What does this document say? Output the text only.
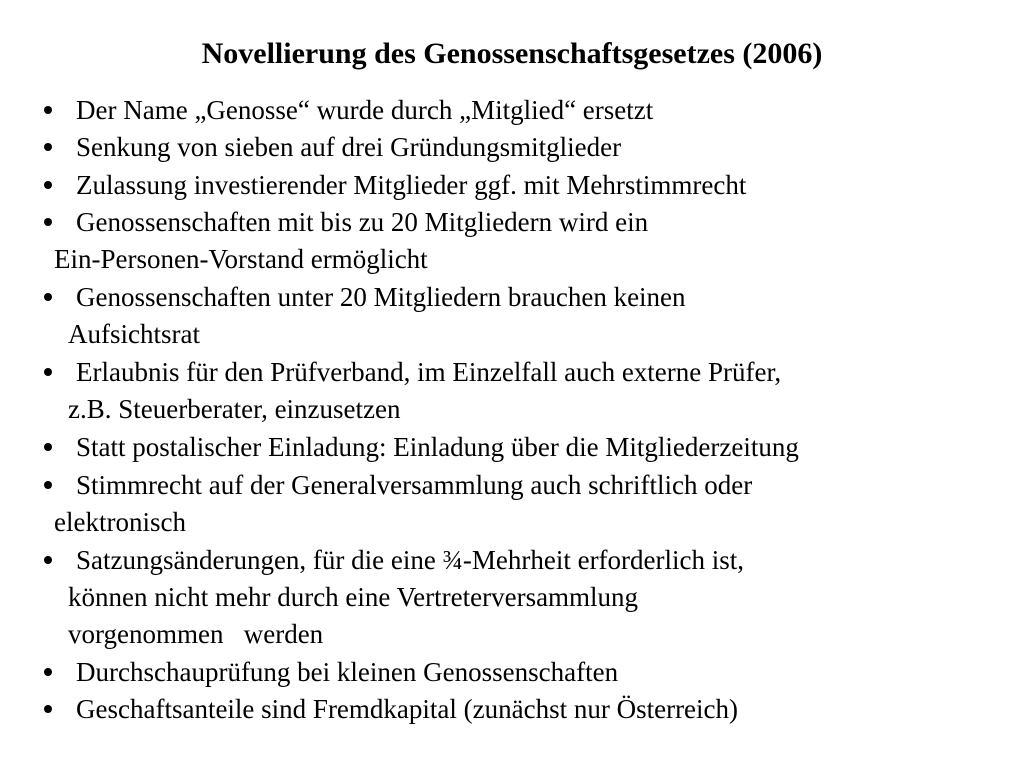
Novellierung des Genossenschaftsgesetzes (2006)
Der Name „Genosse“ wurde durch „Mitglied“ ersetzt
Senkung von sieben auf drei Gründungsmitglieder
Zulassung investierender Mitglieder ggf. mit Mehrstimmrecht
Genossenschaften mit bis zu 20 Mitgliedern wird ein
Ein-Personen-Vorstand ermöglicht
Genossenschaften unter 20 Mitgliedern brauchen keinen
Aufsichtsrat
Erlaubnis für den Prüfverband, im Einzelfall auch externe Prüfer,
z.B. Steuerberater, einzusetzen
Statt postalischer Einladung: Einladung über die Mitgliederzeitung
Stimmrecht auf der Generalversammlung auch schriftlich oder
elektronisch
Satzungsänderungen, für die eine ¾-Mehrheit erforderlich ist,
können nicht mehr durch eine Vertreterversammlung
vorgenommen   werden
Durchschauprüfung bei kleinen Genossenschaften
Geschaftsanteile sind Fremdkapital (zunächst nur Österreich)
